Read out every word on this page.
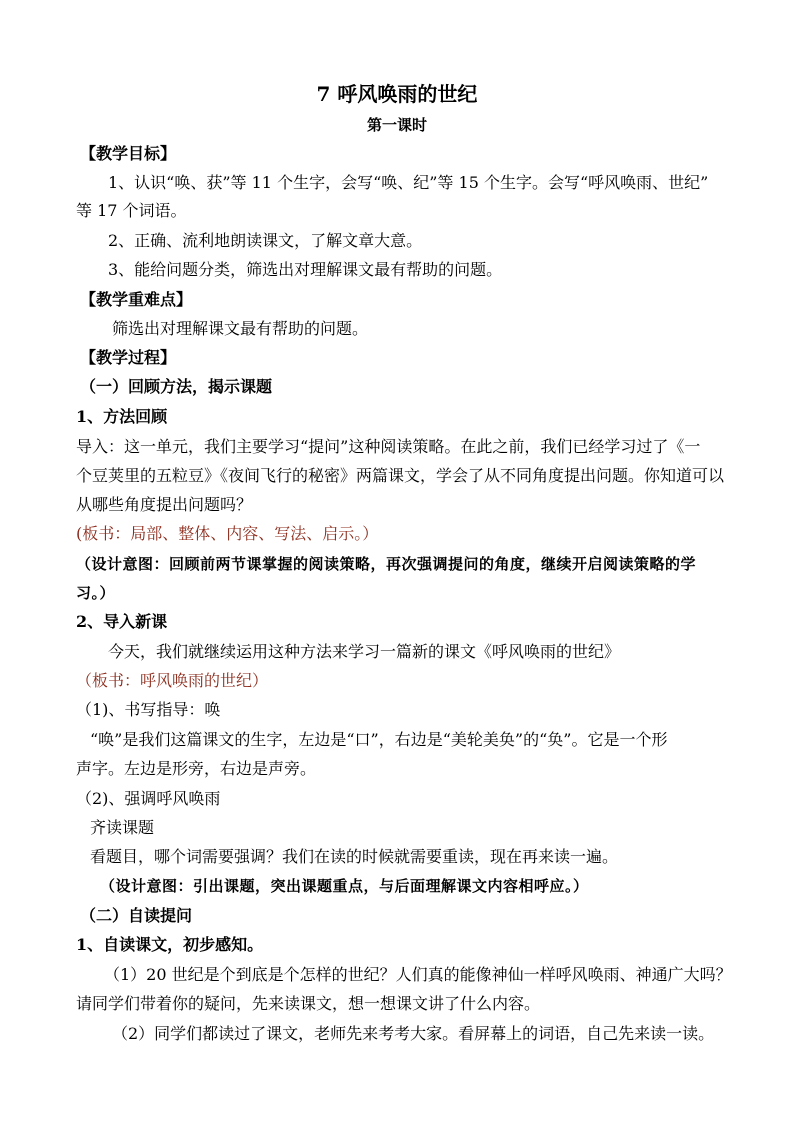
7 呼风唤雨的世纪
第一课时
【教学目标】
1、认识“唤、获”等 11 个生字，会写“唤、纪”等 15 个生字。会写“呼风唤雨、世纪”
等 17 个词语。
2、正确、流利地朗读课文，了解文章大意。
3、能给问题分类，筛选出对理解课文最有帮助的问题。
【教学重难点】
筛选出对理解课文最有帮助的问题。
【教学过程】
（一）回顾方法，揭示课题
1、方法回顾
导入：这一单元，我们主要学习“提问”这种阅读策略。在此之前，我们已经学习过了《一
个豆荚里的五粒豆》《夜间飞行的秘密》两篇课文，学会了从不同角度提出问题。你知道可以
从哪些角度提出问题吗？
(板书：局部、整体、内容、写法、启示。）
（设计意图：回顾前两节课掌握的阅读策略，再次强调提问的角度，继续开启阅读策略的学
习。）
2、导入新课
今天，我们就继续运用这种方法来学习一篇新的课文《呼风唤雨的世纪》
（板书：呼风唤雨的世纪）
（1)、书写指导：唤
“唤”是我们这篇课文的生字，左边是“口”，右边是“美轮美奂”的“奂”。它是一个形
声字。左边是形旁，右边是声旁。
（2)、强调呼风唤雨
齐读课题
看题目，哪个词需要强调？我们在读的时候就需要重读，现在再来读一遍。
（设计意图：引出课题，突出课题重点，与后面理解课文内容相呼应。）
（二）自读提问
1、自读课文，初步感知。
（1）20 世纪是个到底是个怎样的世纪？人们真的能像神仙一样呼风唤雨、神通广大吗？
请同学们带着你的疑问，先来读课文，想一想课文讲了什么内容。
（2）同学们都读过了课文，老师先来考考大家。看屏幕上的词语，自己先来读一读。
